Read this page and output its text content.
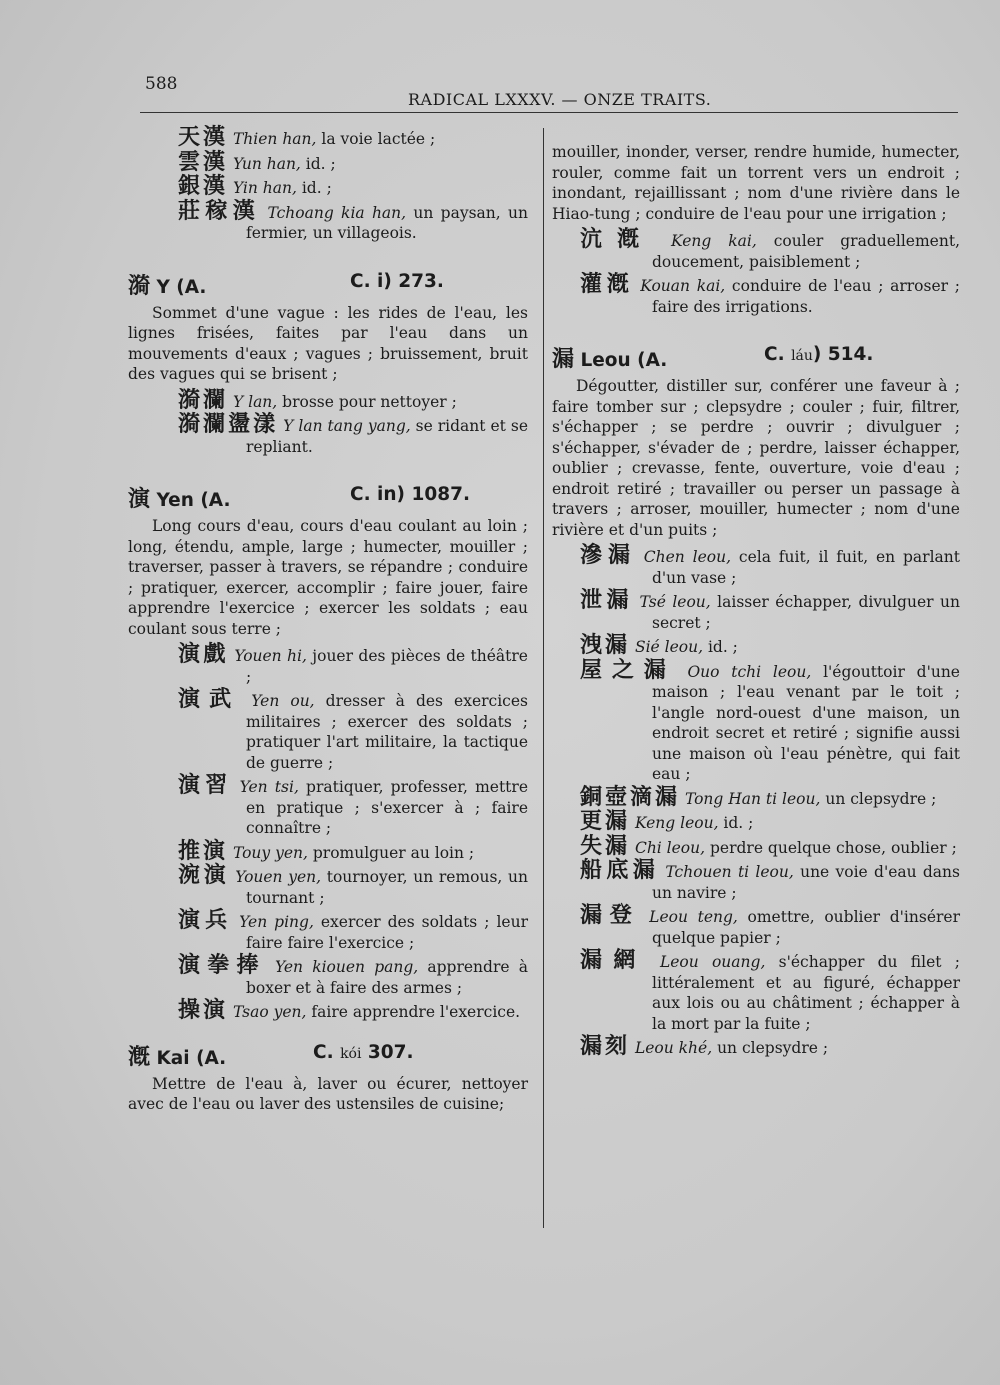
588
RADICAL LXXXV. — ONZE TRAITS.
天漢 Thien han, la voie lactée ;
雲漢 Yun han, id. ;
銀漢 Yin han, id. ;
莊稼漢 Tchoang kia han, un paysan, un fermier, un villageois.
漪 Y (A.	C. i) 273.

Sommet d'une vague : les rides de l'eau, les lignes frisées, faites par l'eau dans un mouvements d'eaux ; vagues ; bruissement, bruit des vagues qui se brisent ;

漪瀾 Y lan, brosse pour nettoyer ;
漪瀾盪漾 Y lan tang yang, se ridant et se repliant.
演 Yen (A.	C. in) 1087.

Long cours d'eau, cours d'eau coulant au loin ; long, étendu, ample, large ; humecter, mouiller ; traverser, passer à travers, se répandre ; conduire ; pratiquer, exercer, accomplir ; faire jouer, faire apprendre l'exercice ; exercer les soldats ; eau coulant sous terre ;

演戲 Youen hi, jouer des pièces de théâtre ;
演武 Yen ou, dresser à des exercices militaires ; exercer des soldats ; pratiquer l'art militaire, la tactique de guerre ;
演習 Yen tsi, pratiquer, professer, mettre en pratique ; s'exercer à ; faire connaître ;
推演 Touy yen, promulguer au loin ;
涴演 Youen yen, tournoyer, un remous, un tournant ;
演兵 Yen ping, exercer des soldats ; leur faire faire l'exercice ;
演拳捧 Yen kiouen pang, apprendre à boxer et à faire des armes ;
操演 Tsao yen, faire apprendre l'exercice.
漑 Kai (A.	C. kói 307.

Mettre de l'eau à, laver ou écurer, nettoyer avec de l'eau ou laver des ustensiles de cuisine;

mouiller, inonder, verser, rendre humide, humecter, rouler, comme fait un torrent vers un endroit ; inondant, rejaillissant ; nom d'une rivière dans le Hiao-tung ; conduire de l'eau pour une irrigation ;

沆漑 Keng kai, couler graduellement, doucement, paisiblement ;
灌漑 Kouan kai, conduire de l'eau ; arroser ; faire des irrigations.
漏 Leou (A.	C. láu) 514.

Dégoutter, distiller sur, conférer une faveur à ; faire tomber sur ; clepsydre ; couler ; fuir, filtrer, s'échapper ; se perdre ; ouvrir ; divulguer ; s'échapper, s'évader de ; perdre, laisser échapper, oublier ; crevasse, fente, ouverture, voie d'eau ; endroit retiré ; travailler ou perser un passage à travers ; arroser, mouiller, humecter ; nom d'une rivière et d'un puits ;

滲漏 Chen leou, cela fuit, il fuit, en parlant d'un vase ;
泄漏 Tsé leou, laisser échapper, divulguer un secret ;
洩漏 Sié leou, id. ;
屋之漏 Ouo tchi leou, l'égouttoir d'une maison ; l'eau venant par le toit ; l'angle nord-ouest d'une maison, un endroit secret et retiré ; signifie aussi une maison où l'eau pénètre, qui fait eau ;
銅壺滴漏 Tong Han ti leou, un clepsydre ;
更漏 Keng leou, id. ;
失漏 Chi leou, perdre quelque chose, oublier ;
船底漏 Tchouen ti leou, une voie d'eau dans un navire ;
漏登 Leou teng, omettre, oublier d'insérer quelque papier ;
漏網 Leou ouang, s'échapper du filet ; littéralement et au figuré, échapper aux lois ou au châtiment ; échapper à la mort par la fuite ;
漏刻 Leou khé, un clepsydre ;
